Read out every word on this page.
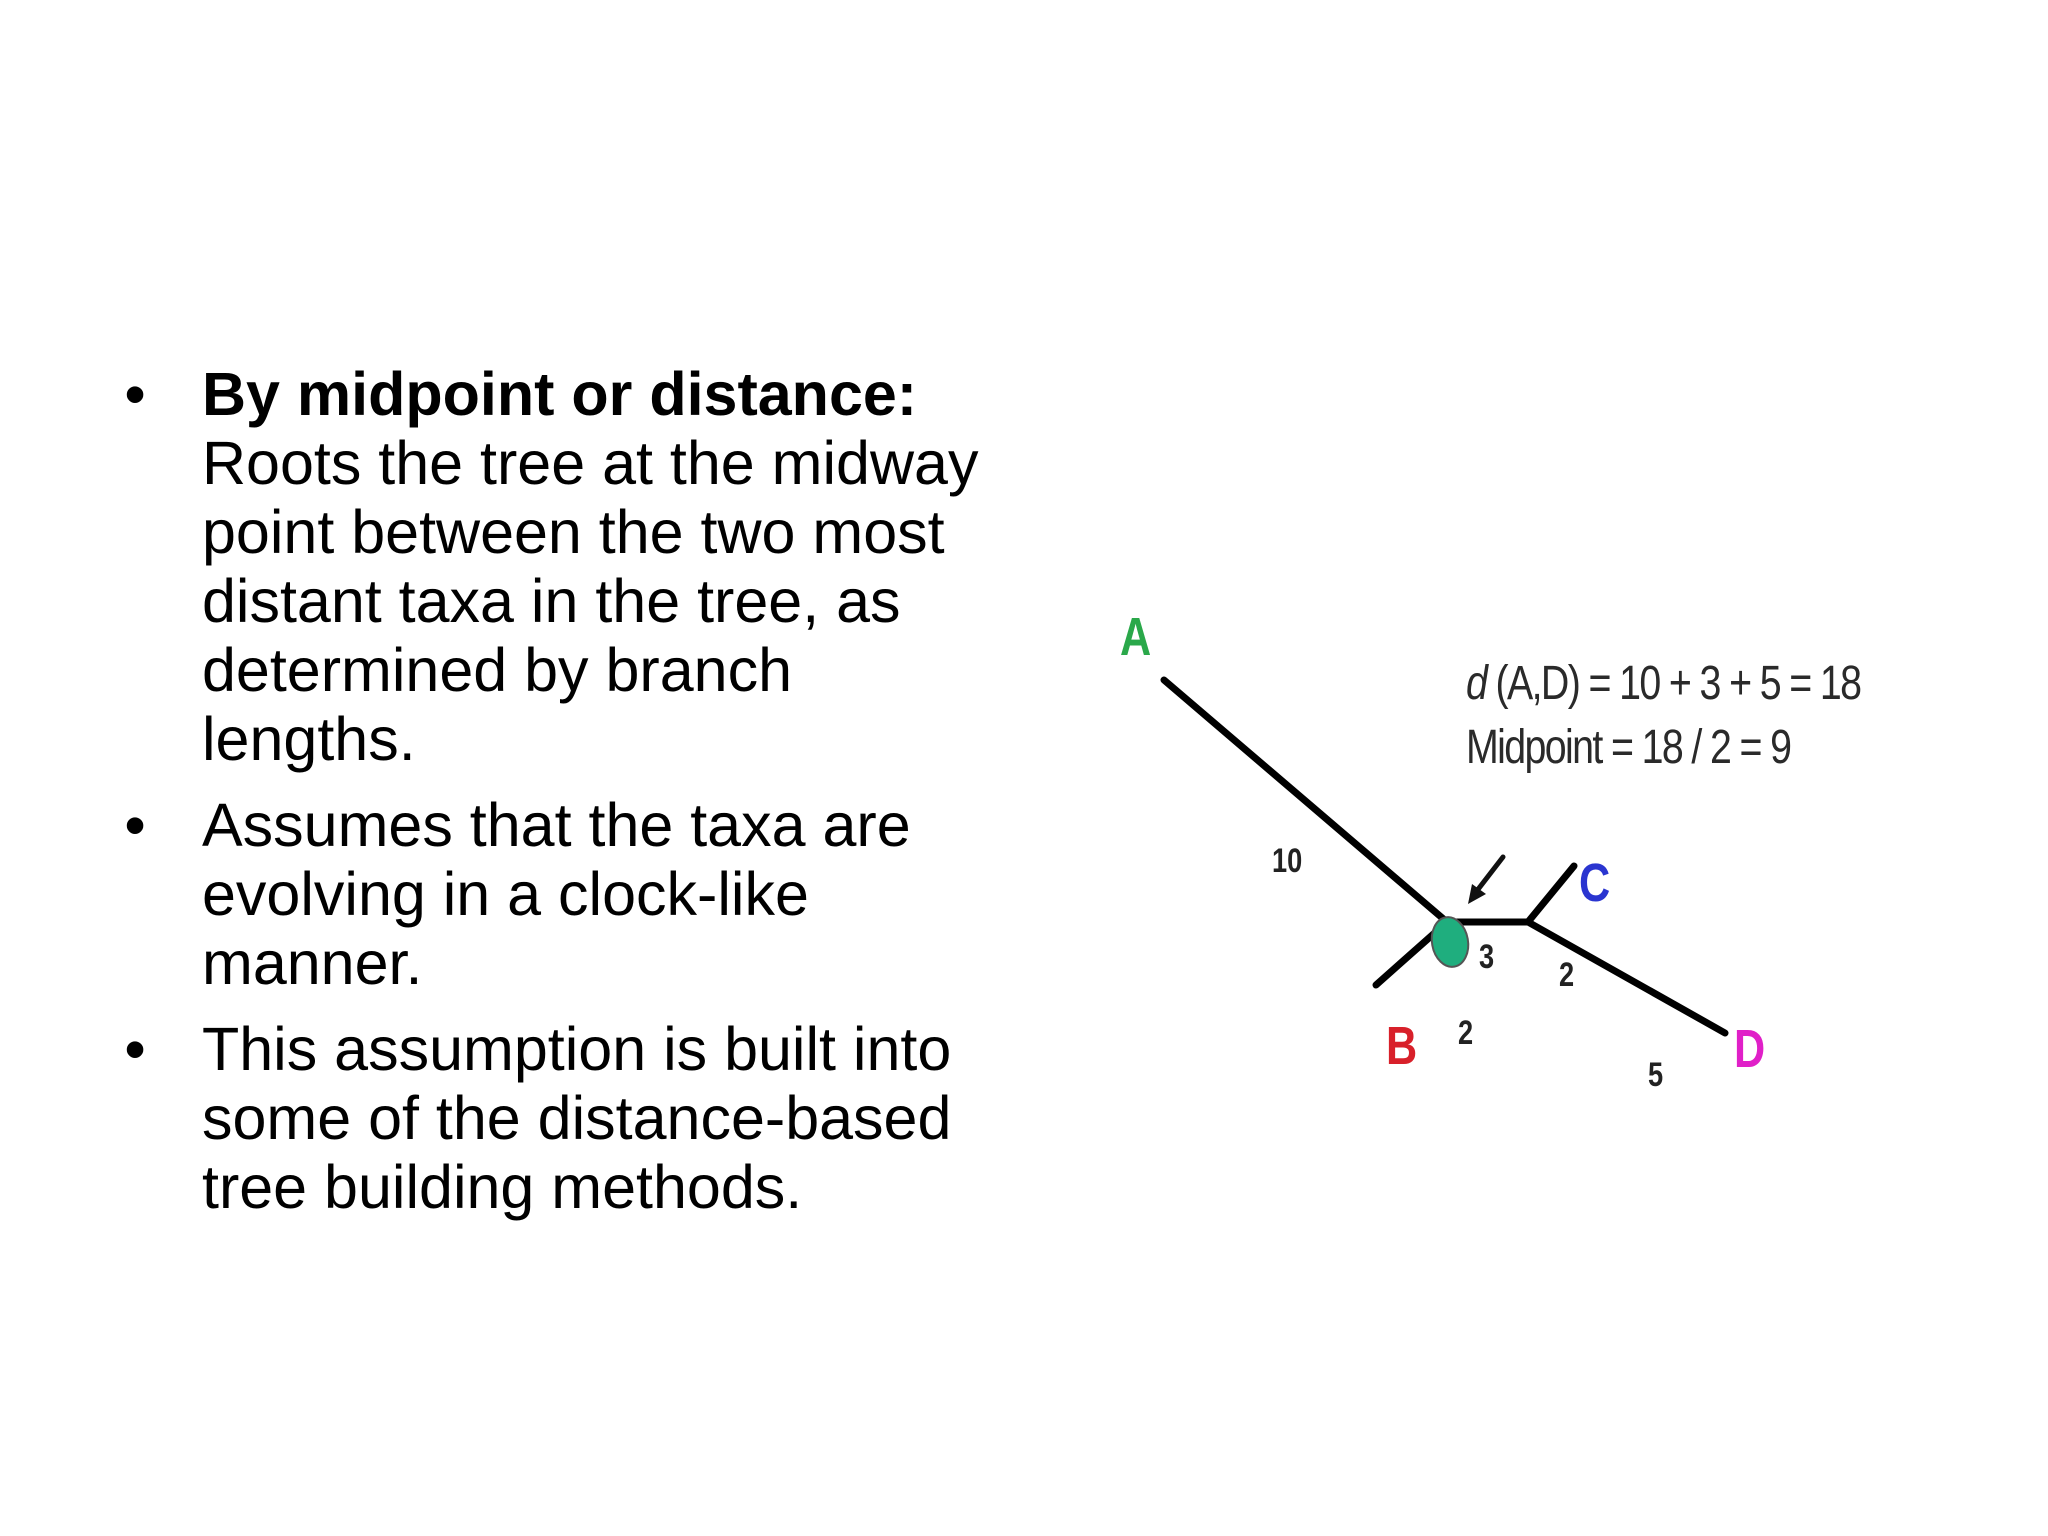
• By midpoint or distance: Roots the tree at the midway point between the two most distant taxa in the tree, as determined by branch lengths.
• Assumes that the taxa are evolving in a clock-like manner.
• This assumption is built into some of the distance-based tree building methods.
d (A,D) = 10 + 3 + 5 = 18
Midpoint = 18 / 2 = 9
A
B
C
D
10
2
3 2
5
